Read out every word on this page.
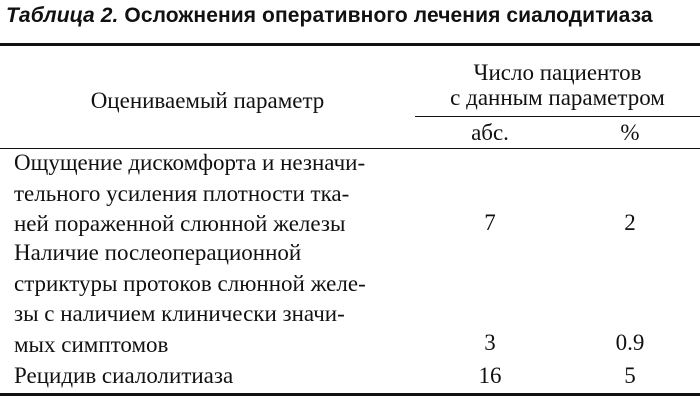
Таблица 2. Осложнения оперативного лечения сиалодитиаза
Оцениваемый параметр
Число пациентов
с данным параметром
абс.	%
Ощущение дискомфорта и незначи-
тельного усиления плотности тка-
ней пораженной слюнной железы	7	2
Наличие послеоперационной
стриктуры протоков слюнной желе-
зы с наличием клинически значи-
мых симптомов	3	0.9
Рецидив сиалолитиаза	16	5
